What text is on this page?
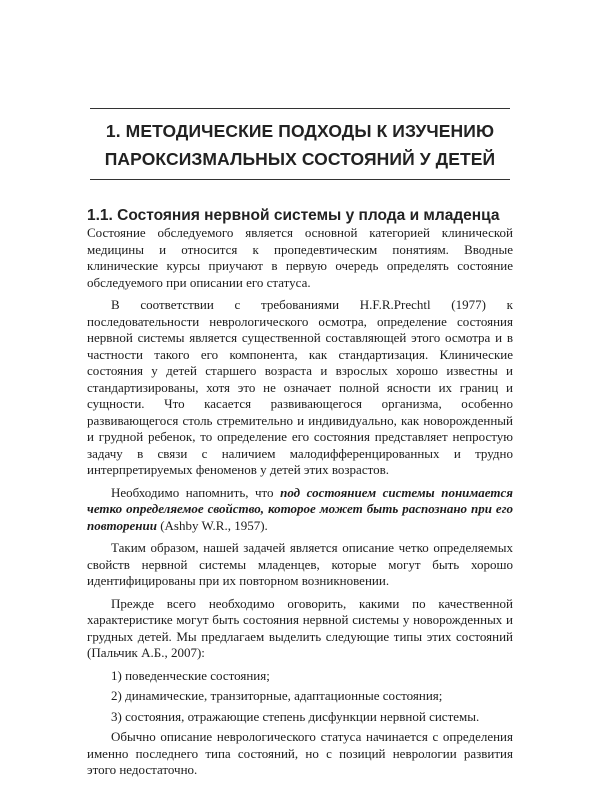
1. МЕТОДИЧЕСКИЕ ПОДХОДЫ К ИЗУЧЕНИЮ
ПАРОКСИЗМАЛЬНЫХ СОСТОЯНИЙ У ДЕТЕЙ
1.1. Состояния нервной системы у плода и младенца

Состояние обследуемого является основной категорией клинической медицины и относится к пропедевтическим понятиям. Вводные клинические курсы приучают в первую очередь определять состояние обследуемого при описании его статуса.

В соответствии с требованиями H.F.R.Prechtl (1977) к последовательности неврологического осмотра, определение состояния нервной системы является существенной составляющей этого осмотра и в частности такого его компонента, как стандартизация. Клинические состояния у детей старшего возраста и взрослых хорошо известны и стандартизированы, хотя это не означает полной ясности их границ и сущности. Что касается развивающегося организма, особенно развивающегося столь стремительно и индивидуально, как новорожденный и грудной ребенок, то определение его состояния представляет непростую задачу в связи с наличием малодифференцированных и трудно интерпретируемых феноменов у детей этих возрастов.

Необходимо напомнить, что под состоянием системы понимается четко определяемое свойство, которое может быть распознано при его повторении (Ashby W.R., 1957).

Таким образом, нашей задачей является описание четко определяемых свойств нервной системы младенцев, которые могут быть хорошо идентифицированы при их повторном возникновении.

Прежде всего необходимо оговорить, какими по качественной характеристике могут быть состояния нервной системы у новорожденных и грудных детей. Мы предлагаем выделить следующие типы этих состояний (Пальчик А.Б., 2007):

1) поведенческие состояния;

2) динамические, транзиторные, адаптационные состояния;

3) состояния, отражающие степень дисфункции нервной системы.

Обычно описание неврологического статуса начинается с определения именно последнего типа состояний, но с позиций неврологии развития этого недостаточно.
